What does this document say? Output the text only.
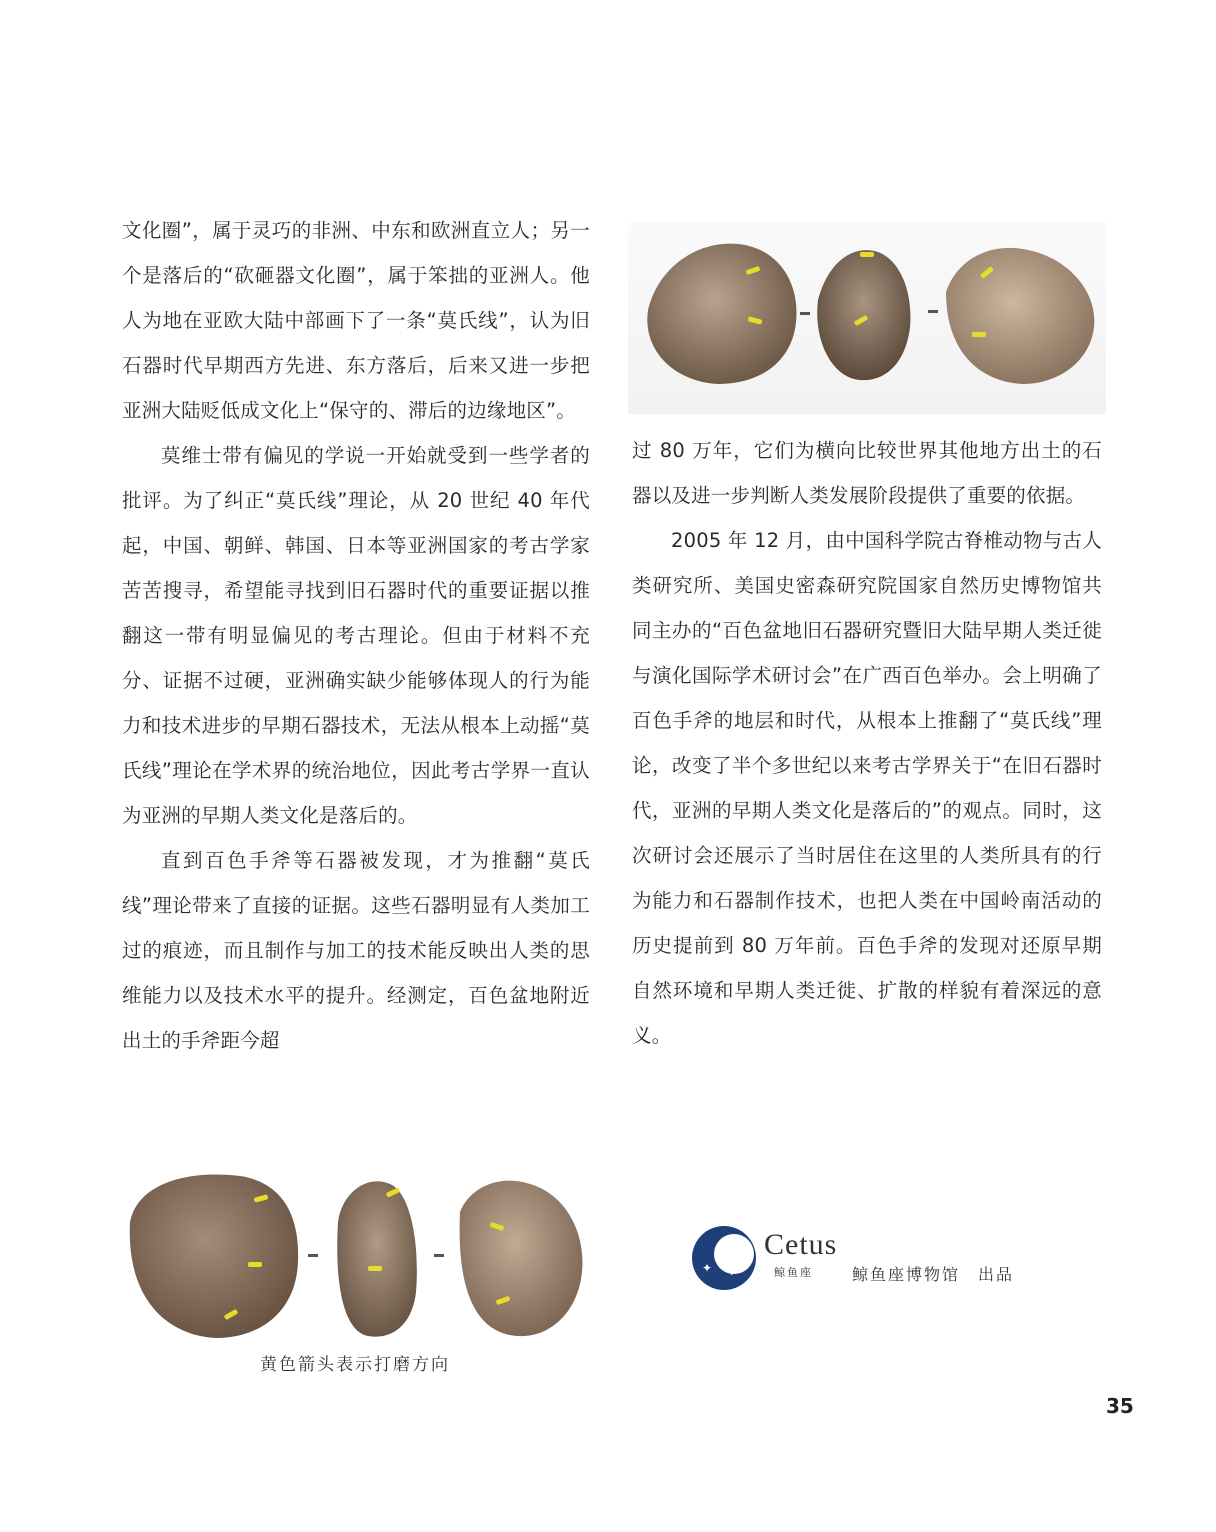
文化圈”，属于灵巧的非洲、中东和欧洲直立人；另一个是落后的“砍砸器文化圈”，属于笨拙的亚洲人。他人为地在亚欧大陆中部画下了一条“莫氏线”，认为旧石器时代早期西方先进、东方落后，后来又进一步把亚洲大陆贬低成文化上“保守的、滞后的边缘地区”。

莫维士带有偏见的学说一开始就受到一些学者的批评。为了纠正“莫氏线”理论，从 20 世纪 40 年代起，中国、朝鲜、韩国、日本等亚洲国家的考古学家苦苦搜寻，希望能寻找到旧石器时代的重要证据以推翻这一带有明显偏见的考古理论。但由于材料不充分、证据不过硬，亚洲确实缺少能够体现人的行为能力和技术进步的早期石器技术，无法从根本上动摇“莫氏线”理论在学术界的统治地位，因此考古学界一直认为亚洲的早期人类文化是落后的。

直到百色手斧等石器被发现，才为推翻“莫氏线”理论带来了直接的证据。这些石器明显有人类加工过的痕迹，而且制作与加工的技术能反映出人类的思维能力以及技术水平的提升。经测定，百色盆地附近出土的手斧距今超

过 80 万年，它们为横向比较世界其他地方出土的石器以及进一步判断人类发展阶段提供了重要的依据。

2005 年 12 月，由中国科学院古脊椎动物与古人类研究所、美国史密森研究院国家自然历史博物馆共同主办的“百色盆地旧石器研究暨旧大陆早期人类迁徙与演化国际学术研讨会”在广西百色举办。会上明确了百色手斧的地层和时代，从根本上推翻了“莫氏线”理论，改变了半个多世纪以来考古学界关于“在旧石器时代，亚洲的早期人类文化是落后的”的观点。同时，这次研讨会还展示了当时居住在这里的人类所具有的行为能力和石器制作技术，也把人类在中国岭南活动的历史提前到 80 万年前。百色手斧的发现对还原早期自然环境和早期人类迁徙、扩散的样貌有着深远的意义。

黄色箭头表示打磨方向
✦ ✦
Cetus
鲸鱼座 鲸鱼座博物馆　出品
35
